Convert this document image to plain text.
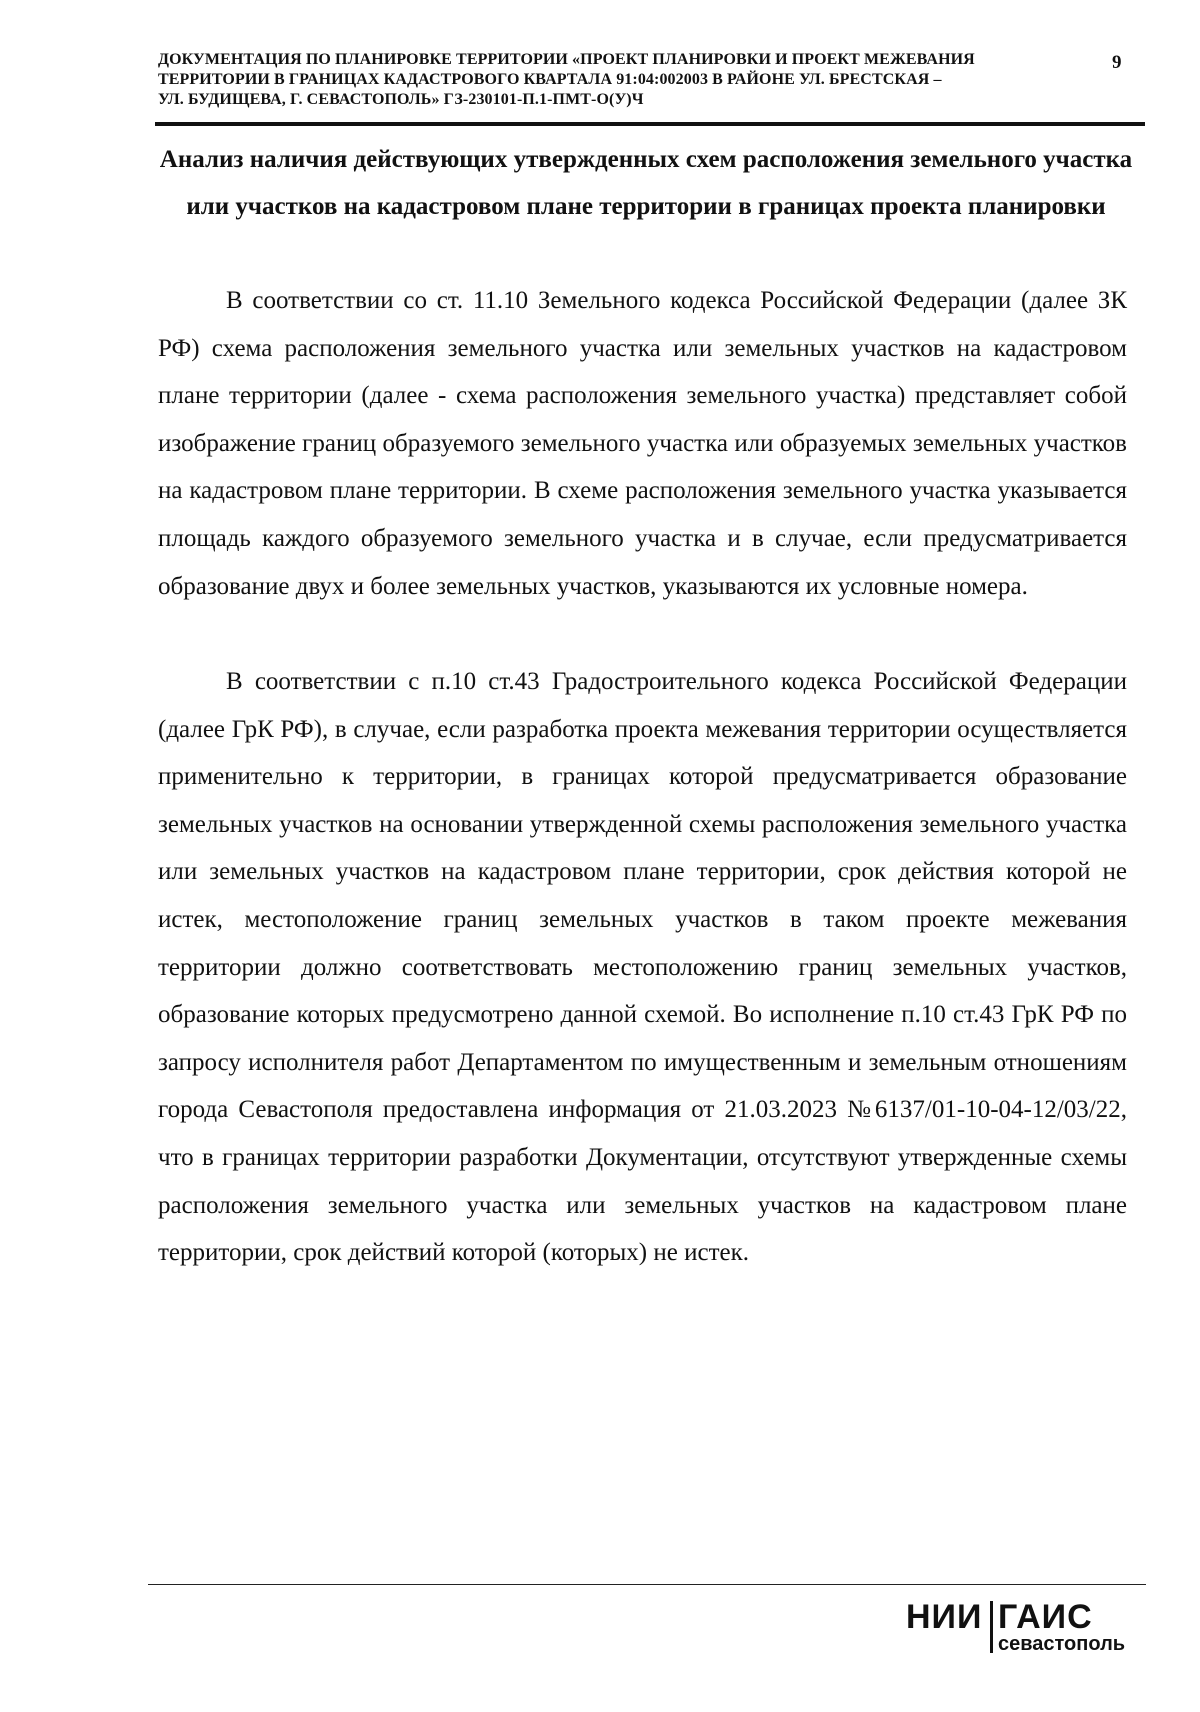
ДОКУМЕНТАЦИЯ ПО ПЛАНИРОВКЕ ТЕРРИТОРИИ «ПРОЕКТ ПЛАНИРОВКИ И ПРОЕКТ МЕЖЕВАНИЯ
ТЕРРИТОРИИ В ГРАНИЦАХ КАДАСТРОВОГО КВАРТАЛА 91:04:002003 В РАЙОНЕ УЛ. БРЕСТСКАЯ –
УЛ. БУДИЩЕВА, Г. СЕВАСТОПОЛЬ» ГЗ-230101-П.1-ПМТ-О(У)Ч
9
Анализ наличия действующих утвержденных схем расположения земельного участка или участков на кадастровом плане территории в границах проекта планировки

В соответствии со ст. 11.10 Земельного кодекса Российской Федерации (далее ЗК РФ) схема расположения земельного участка или земельных участков на кадастровом плане территории (далее - схема расположения земельного участка) представляет собой изображение границ образуемого земельного участка или образуемых земельных участков на кадастровом плане территории. В схеме расположения земельного участка указывается площадь каждого образуемого земельного участка и в случае, если предусматривается образование двух и более земельных участков, указываются их условные номера.

В соответствии с п.10 ст.43 Градостроительного кодекса Российской Федерации (далее ГрК РФ), в случае, если разработка проекта межевания территории осуществляется применительно к территории, в границах которой предусматривается образование земельных участков на основании утвержденной схемы расположения земельного участка или земельных участков на кадастровом плане территории, срок действия которой не истек, местоположение границ земельных участков в таком проекте межевания территории должно соответствовать местоположению границ земельных участков, образование которых предусмотрено данной схемой. Во исполнение п.10 ст.43 ГрК РФ по запросу исполнителя работ Департаментом по имущественным и земельным отношениям города Севастополя предоставлена информация от 21.03.2023 №6137/01-10-04-12/03/22, что в границах территории разработки Документации, отсутствуют утвержденные схемы расположения земельного участка или земельных участков на кадастровом плане территории, срок действий которой (которых) не истек.

НИИ ГАИС
севастополь
